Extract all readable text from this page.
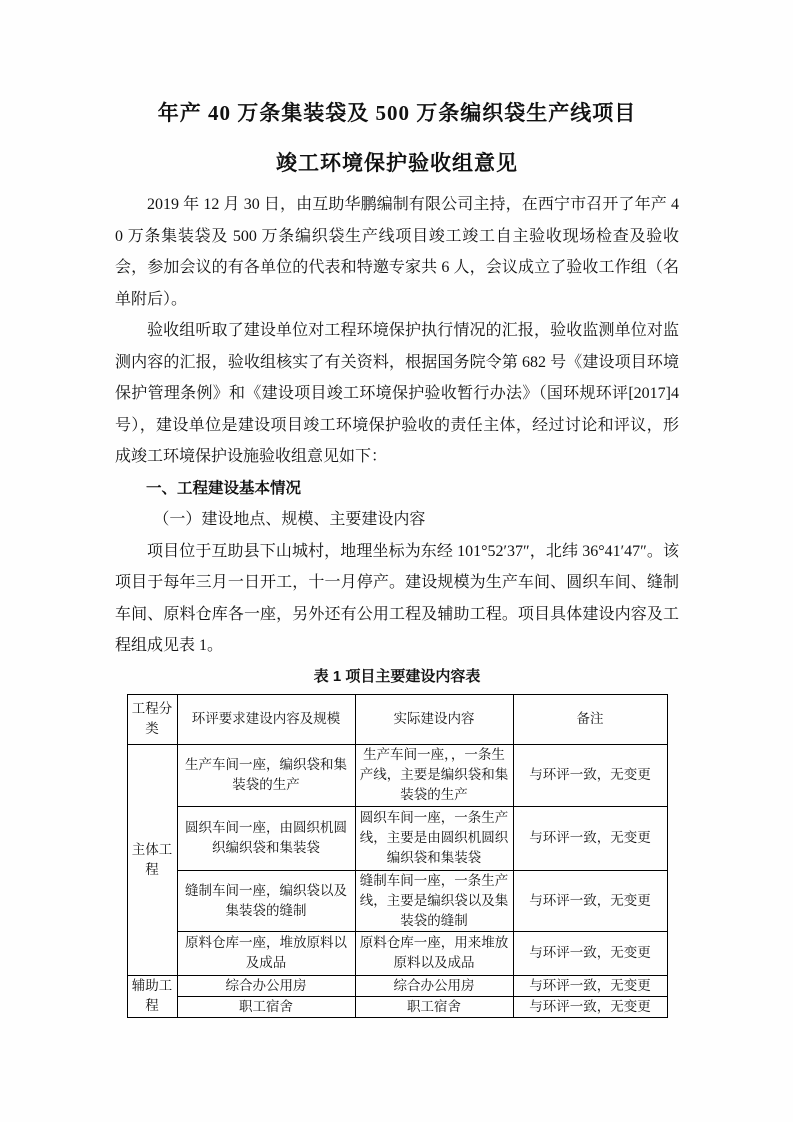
年产 40 万条集装袋及 500 万条编织袋生产线项目
竣工环境保护验收组意见

2019 年 12 月 30 日，由互助华鹏编制有限公司主持，在西宁市召开了年产 40 万条集装袋及 500 万条编织袋生产线项目竣工竣工自主验收现场检查及验收会，参加会议的有各单位的代表和特邀专家共 6 人，会议成立了验收工作组（名单附后）。

验收组听取了建设单位对工程环境保护执行情况的汇报，验收监测单位对监测内容的汇报，验收组核实了有关资料，根据国务院令第 682 号《建设项目环境保护管理条例》和《建设项目竣工环境保护验收暂行办法》（国环规环评[2017]4号），建设单位是建设项目竣工环境保护验收的责任主体，经过讨论和评议，形成竣工环境保护设施验收组意见如下：

一、工程建设基本情况

（一）建设地点、规模、主要建设内容

项目位于互助县下山城村，地理坐标为东经 101°52′37″，北纬 36°41′47″。该项目于每年三月一日开工，十一月停产。建设规模为生产车间、圆织车间、缝制车间、原料仓库各一座，另外还有公用工程及辅助工程。项目具体建设内容及工程组成见表 1。

表 1 项目主要建设内容表

工程分类	环评要求建设内容及规模	实际建设内容	备注
主体工程	生产车间一座，编织袋和集装袋的生产	生产车间一座，，一条生产线，主要是编织袋和集装袋的生产	与环评一致，无变更
	圆织车间一座，由圆织机圆织编织袋和集装袋	圆织车间一座，一条生产线，主要是由圆织机圆织编织袋和集装袋	与环评一致，无变更
	缝制车间一座，编织袋以及集装袋的缝制	缝制车间一座，一条生产线，主要是编织袋以及集装袋的缝制	与环评一致，无变更
	原料仓库一座，堆放原料以及成品	原料仓库一座，用来堆放原料以及成品	与环评一致，无变更
辅助工程	综合办公用房	综合办公用房	与环评一致，无变更
	职工宿舍	职工宿舍	与环评一致，无变更
